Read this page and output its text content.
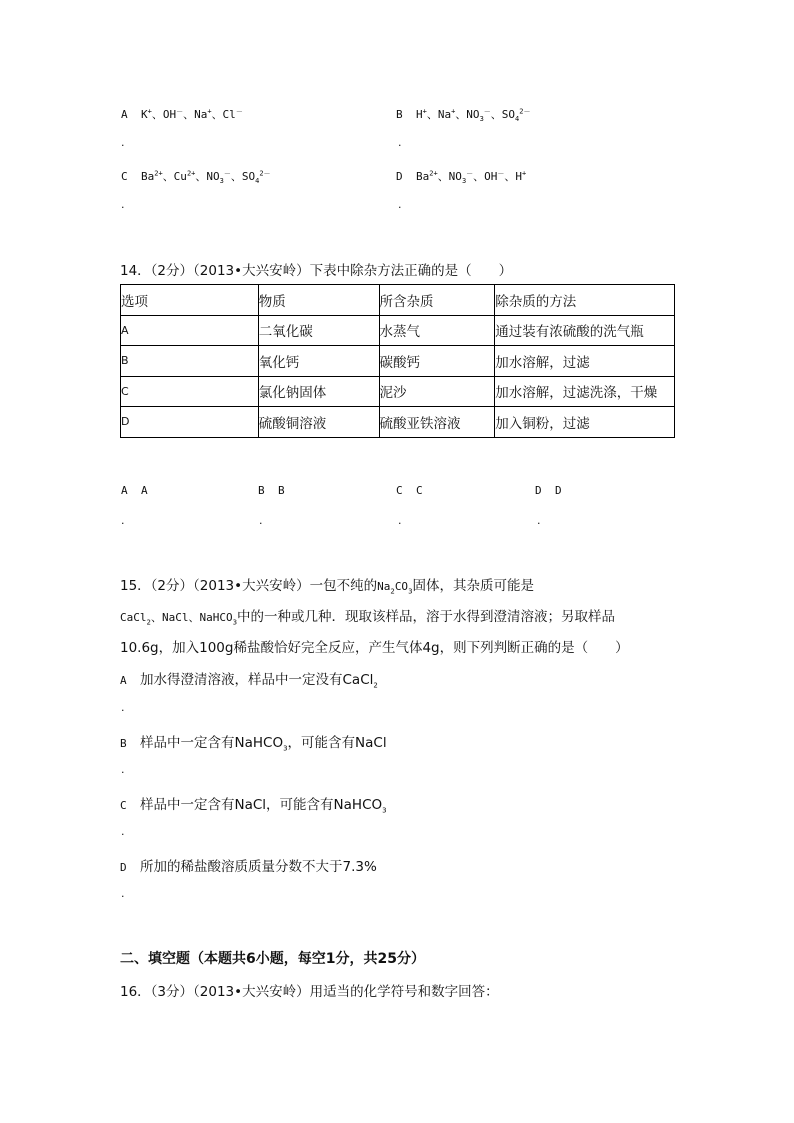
A K+、OH－、Na+、Cl－	B H+、Na+、$NO_3^-$、$SO_4^{2-}$
.	.
C $Ba^{2+}$、$Cu^{2+}$、$NO_3^-$、$SO_4^{2-}$	D $Ba^{2+}$、$NO_3^-$、OH－、H+
.	.
14．（2分）（2013•大兴安岭）下表中除杂方法正确的是（　　）
选项	物质	所含杂质	除杂质的方法
A	二氧化碳	水蒸气	通过装有浓硫酸的洗气瓶
B	氧化钙	碳酸钙	加水溶解，过滤
C	氯化钠固体	泥沙	加水溶解，过滤洗涤，干燥
D	硫酸铜溶液	硫酸亚铁溶液	加入铜粉，过滤
A A	B B	C C	D D
.	.	.	.
15．（2分）（2013•大兴安岭）一包不纯的$Na_2CO_3$固体，其杂质可能是
CaCl$_2$、NaCl、NaHCO$_3$中的一种或几种．现取该样品，溶于水得到澄清溶液；另取样品
10.6g，加入100g稀盐酸恰好完全反应，产生气体4g，则下列判断正确的是（　　）
A 加水得澄清溶液，样品中一定没有CaCl$_2$
.
B 样品中一定含有NaHCO$_3$，可能含有NaCl
.
C 样品中一定含有NaCl，可能含有NaHCO$_3$
.
D 所加的稀盐酸溶质质量分数不大于7.3%
.
二、填空题（本题共6小题，每空1分，共25分）
16．（3分）（2013•大兴安岭）用适当的化学符号和数字回答：
